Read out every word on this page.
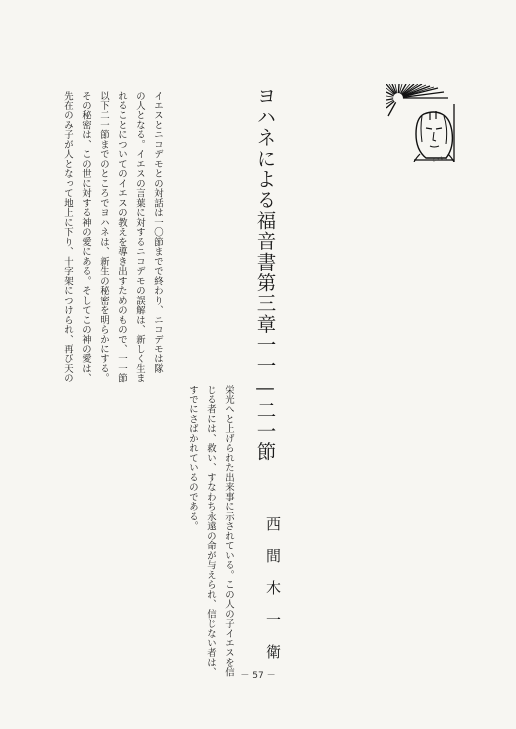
ｇｓｋｓ
ヨハネによる福音書第三章一一—二一節
西間木一衛

栄光へと上げられた出来事に示されている。この人の子イエスを信

じる者には、救い、すなわち永遠の命が与えられ、信じない者は、

すでにさばかれているのである。

イエスとニコデモとの対話は一〇節までで終わり、ニコデモは隊

の人となる。イエスの言葉に対するニコデモの誤解は、新しく生ま

れることについてのイエスの教えを導き出すためのもので、一一節

以下二一節までのところでヨハネは、新生の秘密を明らかにする。

その秘密は、この世に対する神の愛にある。そしてこの神の愛は、

先在のみ子が人となって地上に下り、十字架につけられ、再び天の

－ 57 －
